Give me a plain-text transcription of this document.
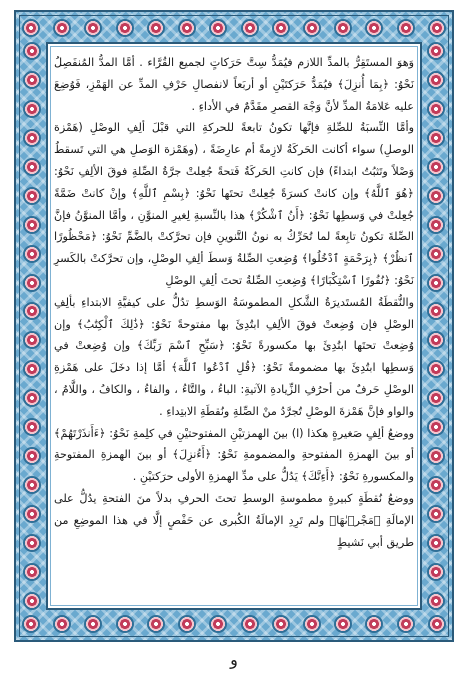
وَهوَ المستَقِرُّ بالمدِّ اللازم فيُمَدُّ سِتَّ حَرَكاتٍ لجميع القُرَّاء . أمَّا المدُّ المُنفَصِلُ نَحْوُ: ﴿بِمَا أُنزِلَ﴾ فيُمَدُّ حَرَكتَيْنِ أو أربَعاً لانفصالِ حَرْفِ المدِّ عن الهَمْزِ، فَوُضِعَ عليه عَلامَةُ المدِّ لأنَّ وَجْهَ القصرِ مقَدَّمٌ في الأداءِ .

وأمَّا النِّسبَةُ للصِّلةِ فإنَّها تكونُ تابعةً للحركةِ التي قبْلَ ألِفِ الوصْلِ (هَمْزة الوصلِ) سواء أكانت الحَركَةُ لازِمةً أم عارِضَةً ، (وهَمْزة الوَصلِ هي التي تَسقطُ وَصْلاً وتَثبُتُ ابتداءً) فإن كانتِ الحَركَةُ فَتحةً جُعِلتْ جرَّةُ الصِّلةِ فوقَ الألِفِ نَحْوُ: ﴿هُوَ ٱللَّهُ﴾ وإن كانتْ كسرَةً جُعِلتْ تحتَها نَحْوُ: ﴿بِسْمِ ٱللَّهِ﴾ وإنْ كانتْ ضَمَّةً جُعِلتْ في وَسطِها نَحْوُ: ﴿أَنُ ٱشْكُرْ﴾ هذا بالنِّسبةِ لِغيرِ المنوَّنِ ، وأمَّا المنوَّنُ فإنَّ الصِّلةَ تكونُ تابِعةً لما تُحَرِّكُ به نونُ التَّنوينِ فإن تحرَّكتْ بالضَّمِّ نَحْوُ: ﴿مَحْظُورًا ٱنظُرْ﴾ ﴿بِرَحْمَةٍ ٱدْخُلُوا﴾ وُضِعتِ الصِّلةُ وَسطَ ألِفِ الوصْلِ، وإن تحرَّكتْ بالكَسرِ نَحْوُ: ﴿نُفُورًا ٱسْتِكْبَارًا﴾ وُضِعتِ الصِّلةُ تحتَ ألِفِ الوصْلِ

والنُّقطَةُ المُستَديرَةُ الشَّكلِ المطموسَةُ الوَسطِ تدُلُّ على كيفيَّةِ الابتداءِ بألِفِ الوصْلِ فإن وُضِعتْ فوقَ الألِفِ ابتُدِئَ بها مفتوحةً نَحْوُ: ﴿ذَٰلِكَ ٱلْكِتَٰبُ﴾ وإن وُضِعتْ تحتَها ابتُدِئَ بها مكسورةً نَحْوُ: ﴿سَبِّحِ ٱسْمَ رَبِّكَ﴾ وإن وُضِعتْ في وَسطِها ابتُدِئَ بها مضمومةً نَحْوُ: ﴿قُلِ ٱدْعُوا ٱللَّهَ﴾ أمَّا إذا دخَلَ على هَمْزةِ الوصْلِ حَرفٌ من أحرُفِ الزِّيادةِ الآتيةِ: الباءُ ، والتَّاءُ ، والفاءُ ، والكافُ ، واللَّامُ ، والواو فإنَّ هَمْزةَ الوصْلِ تُجرَّدُ منْ الصِّلةِ ونُقطَةِ الابتِداءِ .

ووضعُ ألِفٍ صَغيرةٍ هكذا (ا) بينَ الهمزتيْنِ المفتوحتيْنِ في كلِمةِ نَحْوُ: ﴿ءَأَنذَرْتَهُمْ﴾ أو بينَ الهمزةِ المفتوحةِ والمضمومةِ نَحْوُ: ﴿أَءُنزِلَ﴾ أو بينَ الهمزةِ المفتوحةِ والمكسورةِ نَحْوُ: ﴿أَءِنَّكَ﴾ يَدُلُّ على مدِّ الهمزةِ الأولى حرَكتيْنِ .

ووضعُ نُقطَةٍ كبيرةٍ مطموسةِ الوسطِ تحتَ الحرفِ بدلاً منَ الفتحةِ يدُلُّ على الإمالَةِ ﴿مَجْر۪ىٰهَا﴾ ولم تَرِدِ الإمالَةُ الكُبرى عن حَفْصٍ إلَّا في هذا الموضِعِ من طريق أبي نَشيطٍ

و
